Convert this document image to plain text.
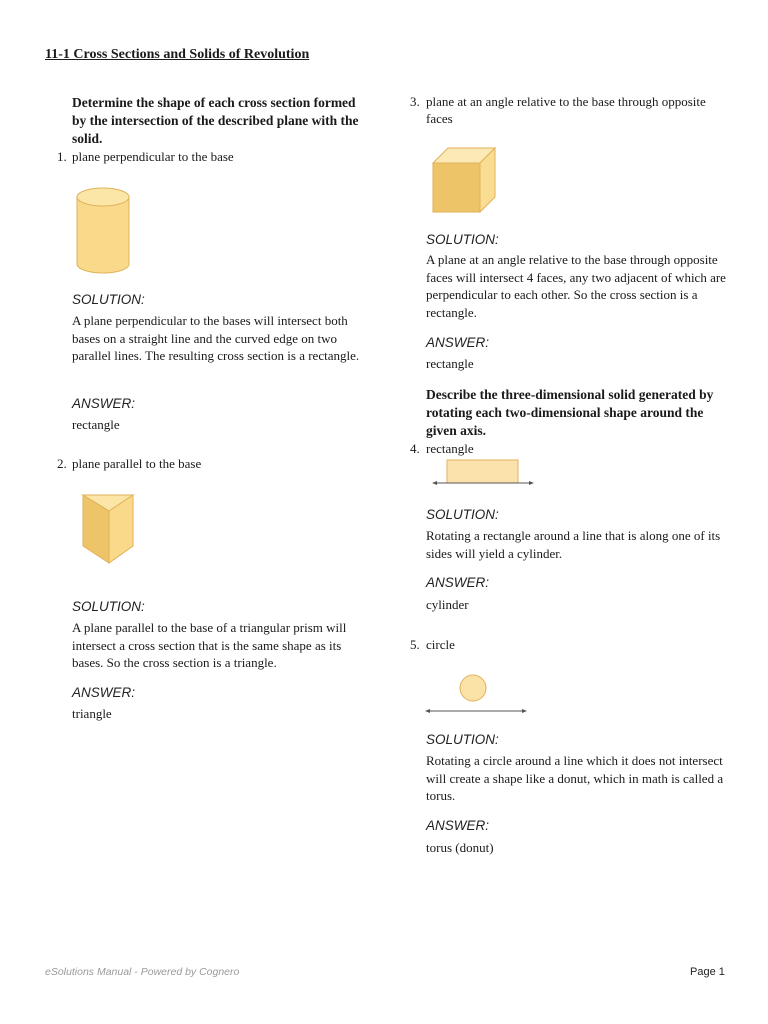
11-1 Cross Sections and Solids of Revolution
Determine the shape of each cross section formed by the intersection of the described plane with the solid.
1. plane perpendicular to the base
SOLUTION:
A plane perpendicular to the bases will intersect both bases on a straight line and the curved edge on two parallel lines. The resulting cross section is a rectangle.
ANSWER:
rectangle
2. plane parallel to the base
SOLUTION:
A plane parallel to the base of a triangular prism will intersect a cross section that is the same shape as its bases. So the cross section is a triangle.
ANSWER:
triangle
3. plane at an angle relative to the base through opposite faces
SOLUTION:
A plane at an angle relative to the base through opposite faces will intersect 4 faces, any two adjacent of which are perpendicular to each other. So the cross section is a rectangle.
ANSWER:
rectangle
Describe the three-dimensional solid generated by rotating each two-dimensional shape around the given axis.
4. rectangle
SOLUTION:
Rotating a rectangle around a line that is along one of its sides will yield a cylinder.
ANSWER:
cylinder
5. circle
SOLUTION:
Rotating a circle around a line which it does not intersect will create a shape like a donut, which in math is called a torus.
ANSWER:
torus (donut)
eSolutions Manual - Powered by Cognero	Page 1
